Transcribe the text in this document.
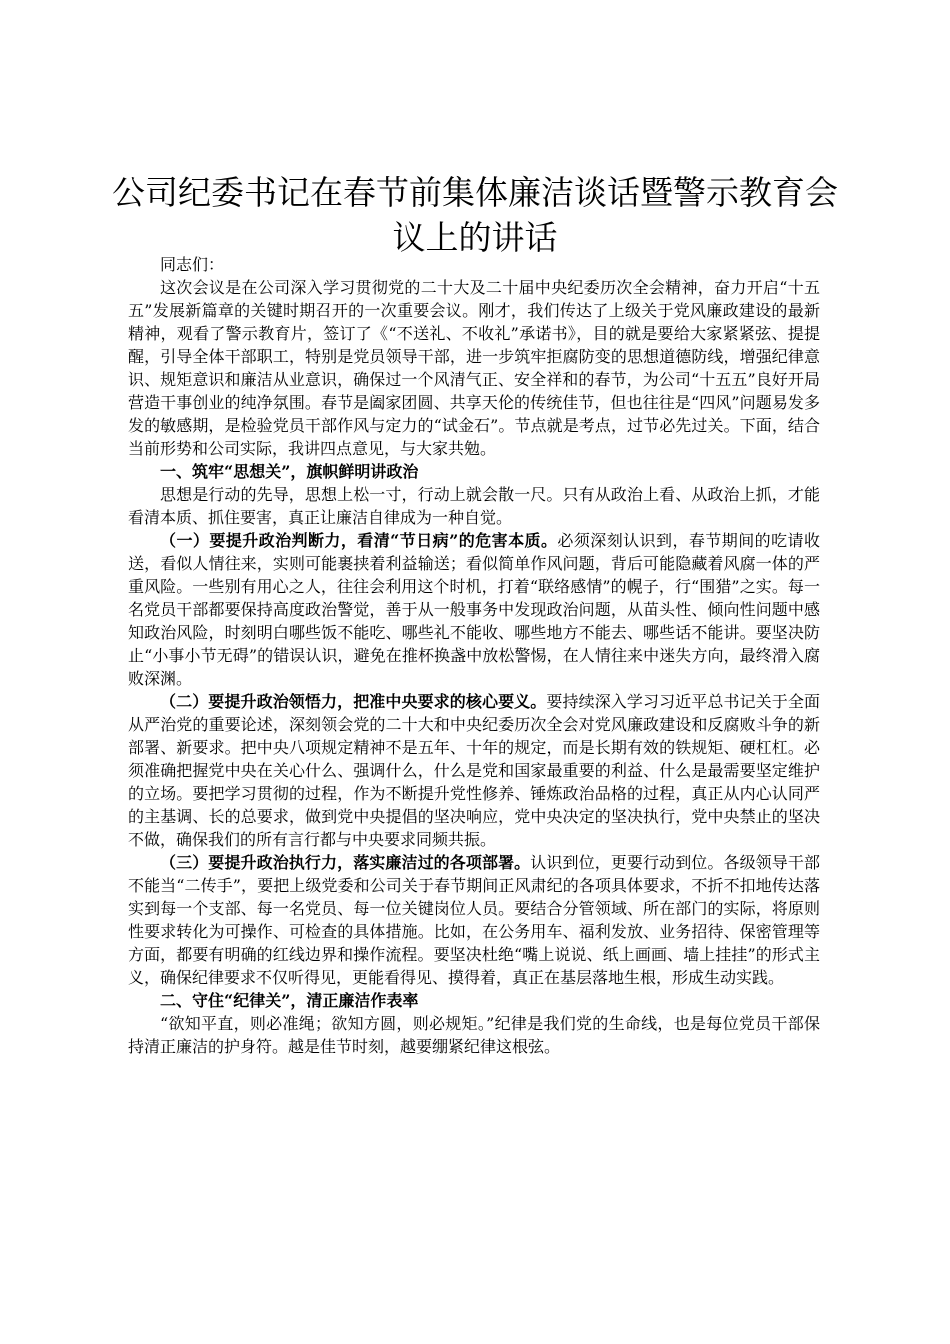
公司纪委书记在春节前集体廉洁谈话暨警示教育会议上的讲话

同志们：

这次会议是在公司深入学习贯彻党的二十大及二十届中央纪委历次全会精神，奋力开启“十五五”发展新篇章的关键时期召开的一次重要会议。刚才，我们传达了上级关于党风廉政建设的最新精神，观看了警示教育片，签订了《“不送礼、不收礼”承诺书》，目的就是要给大家紧紧弦、提提醒，引导全体干部职工，特别是党员领导干部，进一步筑牢拒腐防变的思想道德防线，增强纪律意识、规矩意识和廉洁从业意识，确保过一个风清气正、安全祥和的春节，为公司“十五五”良好开局营造干事创业的纯净氛围。春节是阖家团圆、共享天伦的传统佳节，但也往往是“四风”问题易发多发的敏感期，是检验党员干部作风与定力的“试金石”。节点就是考点，过节必先过关。下面，结合当前形势和公司实际，我讲四点意见，与大家共勉。

一、筑牢“思想关”，旗帜鲜明讲政治

思想是行动的先导，思想上松一寸，行动上就会散一尺。只有从政治上看、从政治上抓，才能看清本质、抓住要害，真正让廉洁自律成为一种自觉。

（一）要提升政治判断力，看清“节日病”的危害本质。必须深刻认识到，春节期间的吃请收送，看似人情往来，实则可能裹挟着利益输送；看似简单作风问题，背后可能隐藏着风腐一体的严重风险。一些别有用心之人，往往会利用这个时机，打着“联络感情”的幌子，行“围猎”之实。每一名党员干部都要保持高度政治警觉，善于从一般事务中发现政治问题，从苗头性、倾向性问题中感知政治风险，时刻明白哪些饭不能吃、哪些礼不能收、哪些地方不能去、哪些话不能讲。要坚决防止“小事小节无碍”的错误认识，避免在推杯换盏中放松警惕，在人情往来中迷失方向，最终滑入腐败深渊。

（二）要提升政治领悟力，把准中央要求的核心要义。要持续深入学习习近平总书记关于全面从严治党的重要论述，深刻领会党的二十大和中央纪委历次全会对党风廉政建设和反腐败斗争的新部署、新要求。把中央八项规定精神不是五年、十年的规定，而是长期有效的铁规矩、硬杠杠。必须准确把握党中央在关心什么、强调什么，什么是党和国家最重要的利益、什么是最需要坚定维护的立场。要把学习贯彻的过程，作为不断提升党性修养、锤炼政治品格的过程，真正从内心认同严的主基调、长的总要求，做到党中央提倡的坚决响应，党中央决定的坚决执行，党中央禁止的坚决不做，确保我们的所有言行都与中央要求同频共振。

（三）要提升政治执行力，落实廉洁过的各项部署。认识到位，更要行动到位。各级领导干部不能当“二传手”，要把上级党委和公司关于春节期间正风肃纪的各项具体要求，不折不扣地传达落实到每一个支部、每一名党员、每一位关键岗位人员。要结合分管领域、所在部门的实际，将原则性要求转化为可操作、可检查的具体措施。比如，在公务用车、福利发放、业务招待、保密管理等方面，都要有明确的红线边界和操作流程。要坚决杜绝“嘴上说说、纸上画画、墙上挂挂”的形式主义，确保纪律要求不仅听得见，更能看得见、摸得着，真正在基层落地生根，形成生动实践。

二、守住“纪律关”，清正廉洁作表率

“欲知平直，则必准绳；欲知方圆，则必规矩。”纪律是我们党的生命线，也是每位党员干部保持清正廉洁的护身符。越是佳节时刻，越要绷紧纪律这根弦。
